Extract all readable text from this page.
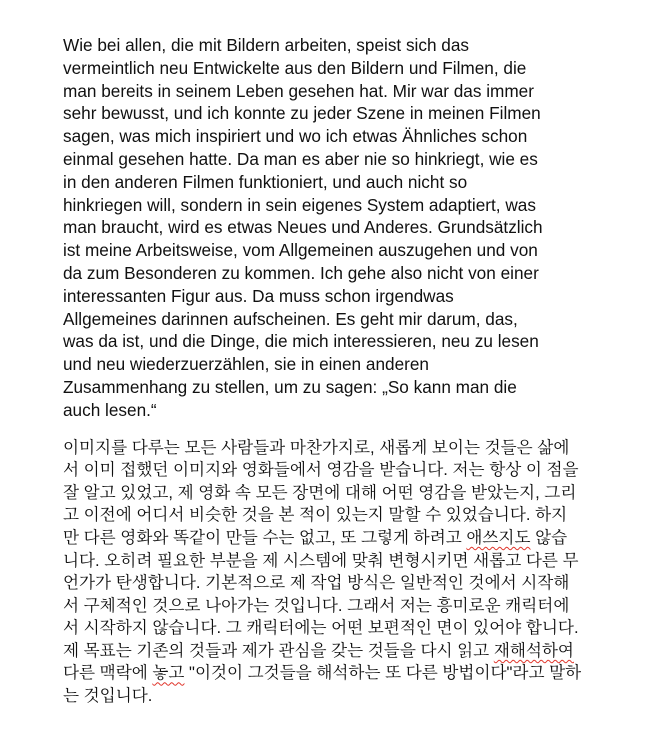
Wie bei allen, die mit Bildern arbeiten, speist sich das
vermeintlich neu Entwickelte aus den Bildern und Filmen, die
man bereits in seinem Leben gesehen hat. Mir war das immer
sehr bewusst, und ich konnte zu jeder Szene in meinen Filmen
sagen, was mich inspiriert und wo ich etwas Ähnliches schon
einmal gesehen hatte. Da man es aber nie so hinkriegt, wie es
in den anderen Filmen funktioniert, und auch nicht so
hinkriegen will, sondern in sein eigenes System adaptiert, was
man braucht, wird es etwas Neues und Anderes. Grundsätzlich
ist meine Arbeitsweise, vom Allgemeinen auszugehen und von
da zum Besonderen zu kommen. Ich gehe also nicht von einer
interessanten Figur aus. Da muss schon irgendwas
Allgemeines darinnen aufscheinen. Es geht mir darum, das,
was da ist, und die Dinge, die mich interessieren, neu zu lesen
und neu wiederzuerzählen, sie in einen anderen
Zusammenhang zu stellen, um zu sagen: „So kann man die
auch lesen.“
이미지를 다루는 모든 사람들과 마찬가지로, 새롭게 보이는 것들은 삶에
서 이미 접했던 이미지와 영화들에서 영감을 받습니다. 저는 항상 이 점을
잘 알고 있었고, 제 영화 속 모든 장면에 대해 어떤 영감을 받았는지, 그리
고 이전에 어디서 비슷한 것을 본 적이 있는지 말할 수 있었습니다. 하지
만 다른 영화와 똑같이 만들 수는 없고, 또 그렇게 하려고 애쓰지도 않습
니다. 오히려 필요한 부분을 제 시스템에 맞춰 변형시키면 새롭고 다른 무
언가가 탄생합니다. 기본적으로 제 작업 방식은 일반적인 것에서 시작해
서 구체적인 것으로 나아가는 것입니다. 그래서 저는 흥미로운 캐릭터에
서 시작하지 않습니다. 그 캐릭터에는 어떤 보편적인 면이 있어야 합니다.
제 목표는 기존의 것들과 제가 관심을 갖는 것들을 다시 읽고 재해석하여
다른 맥락에 놓고 "이것이 그것들을 해석하는 또 다른 방법이다"라고 말하
는 것입니다.
